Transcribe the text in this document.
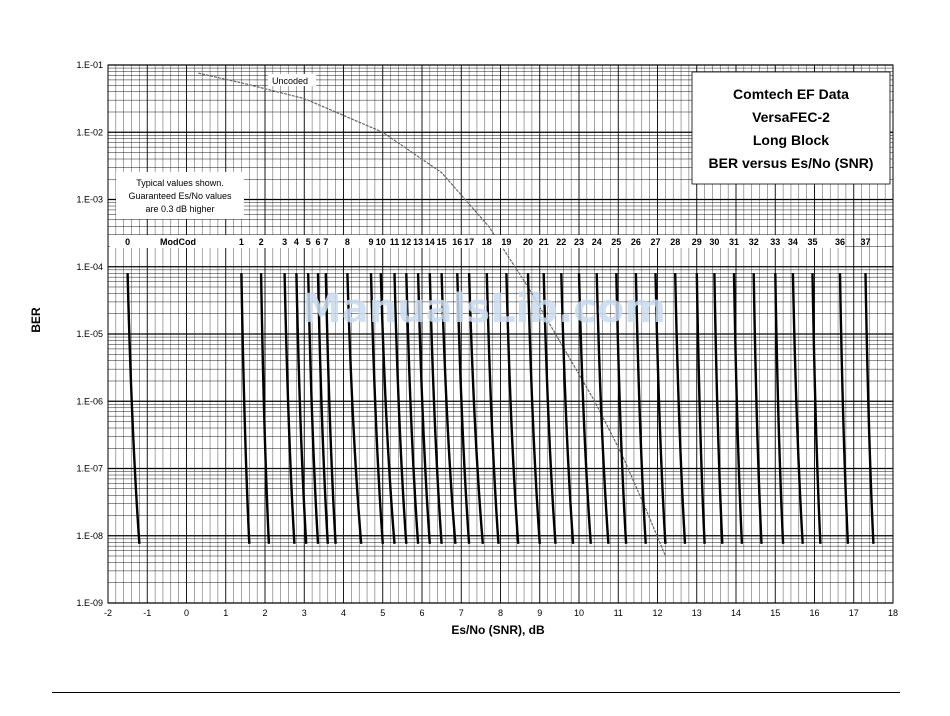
0	1 2 3 4 5 6 7 8 9 10 11 12 13 14 15 16 17 18 19 20 21 22 23 24 25 26 27 28 29 30 31 32 33 34 35 36 37
-2	-1	0	1	2	3	4	5	6	7	8	9	10	11	12	13	14	15	16	17	18
1.E-01
1.E-02
1.E-03
1.E-04
1.E-05
1.E-06
1.E-07
1.E-08
1.E-09
Comtech EF Data
VersaFEC-2
Long Block
BER versus Es/No (SNR)
Typical values shown.
Guaranteed Es/No values
are 0.3 dB higher
Uncoded
ModCod
Es/No (SNR), dB
BER	ManualsLib.com
